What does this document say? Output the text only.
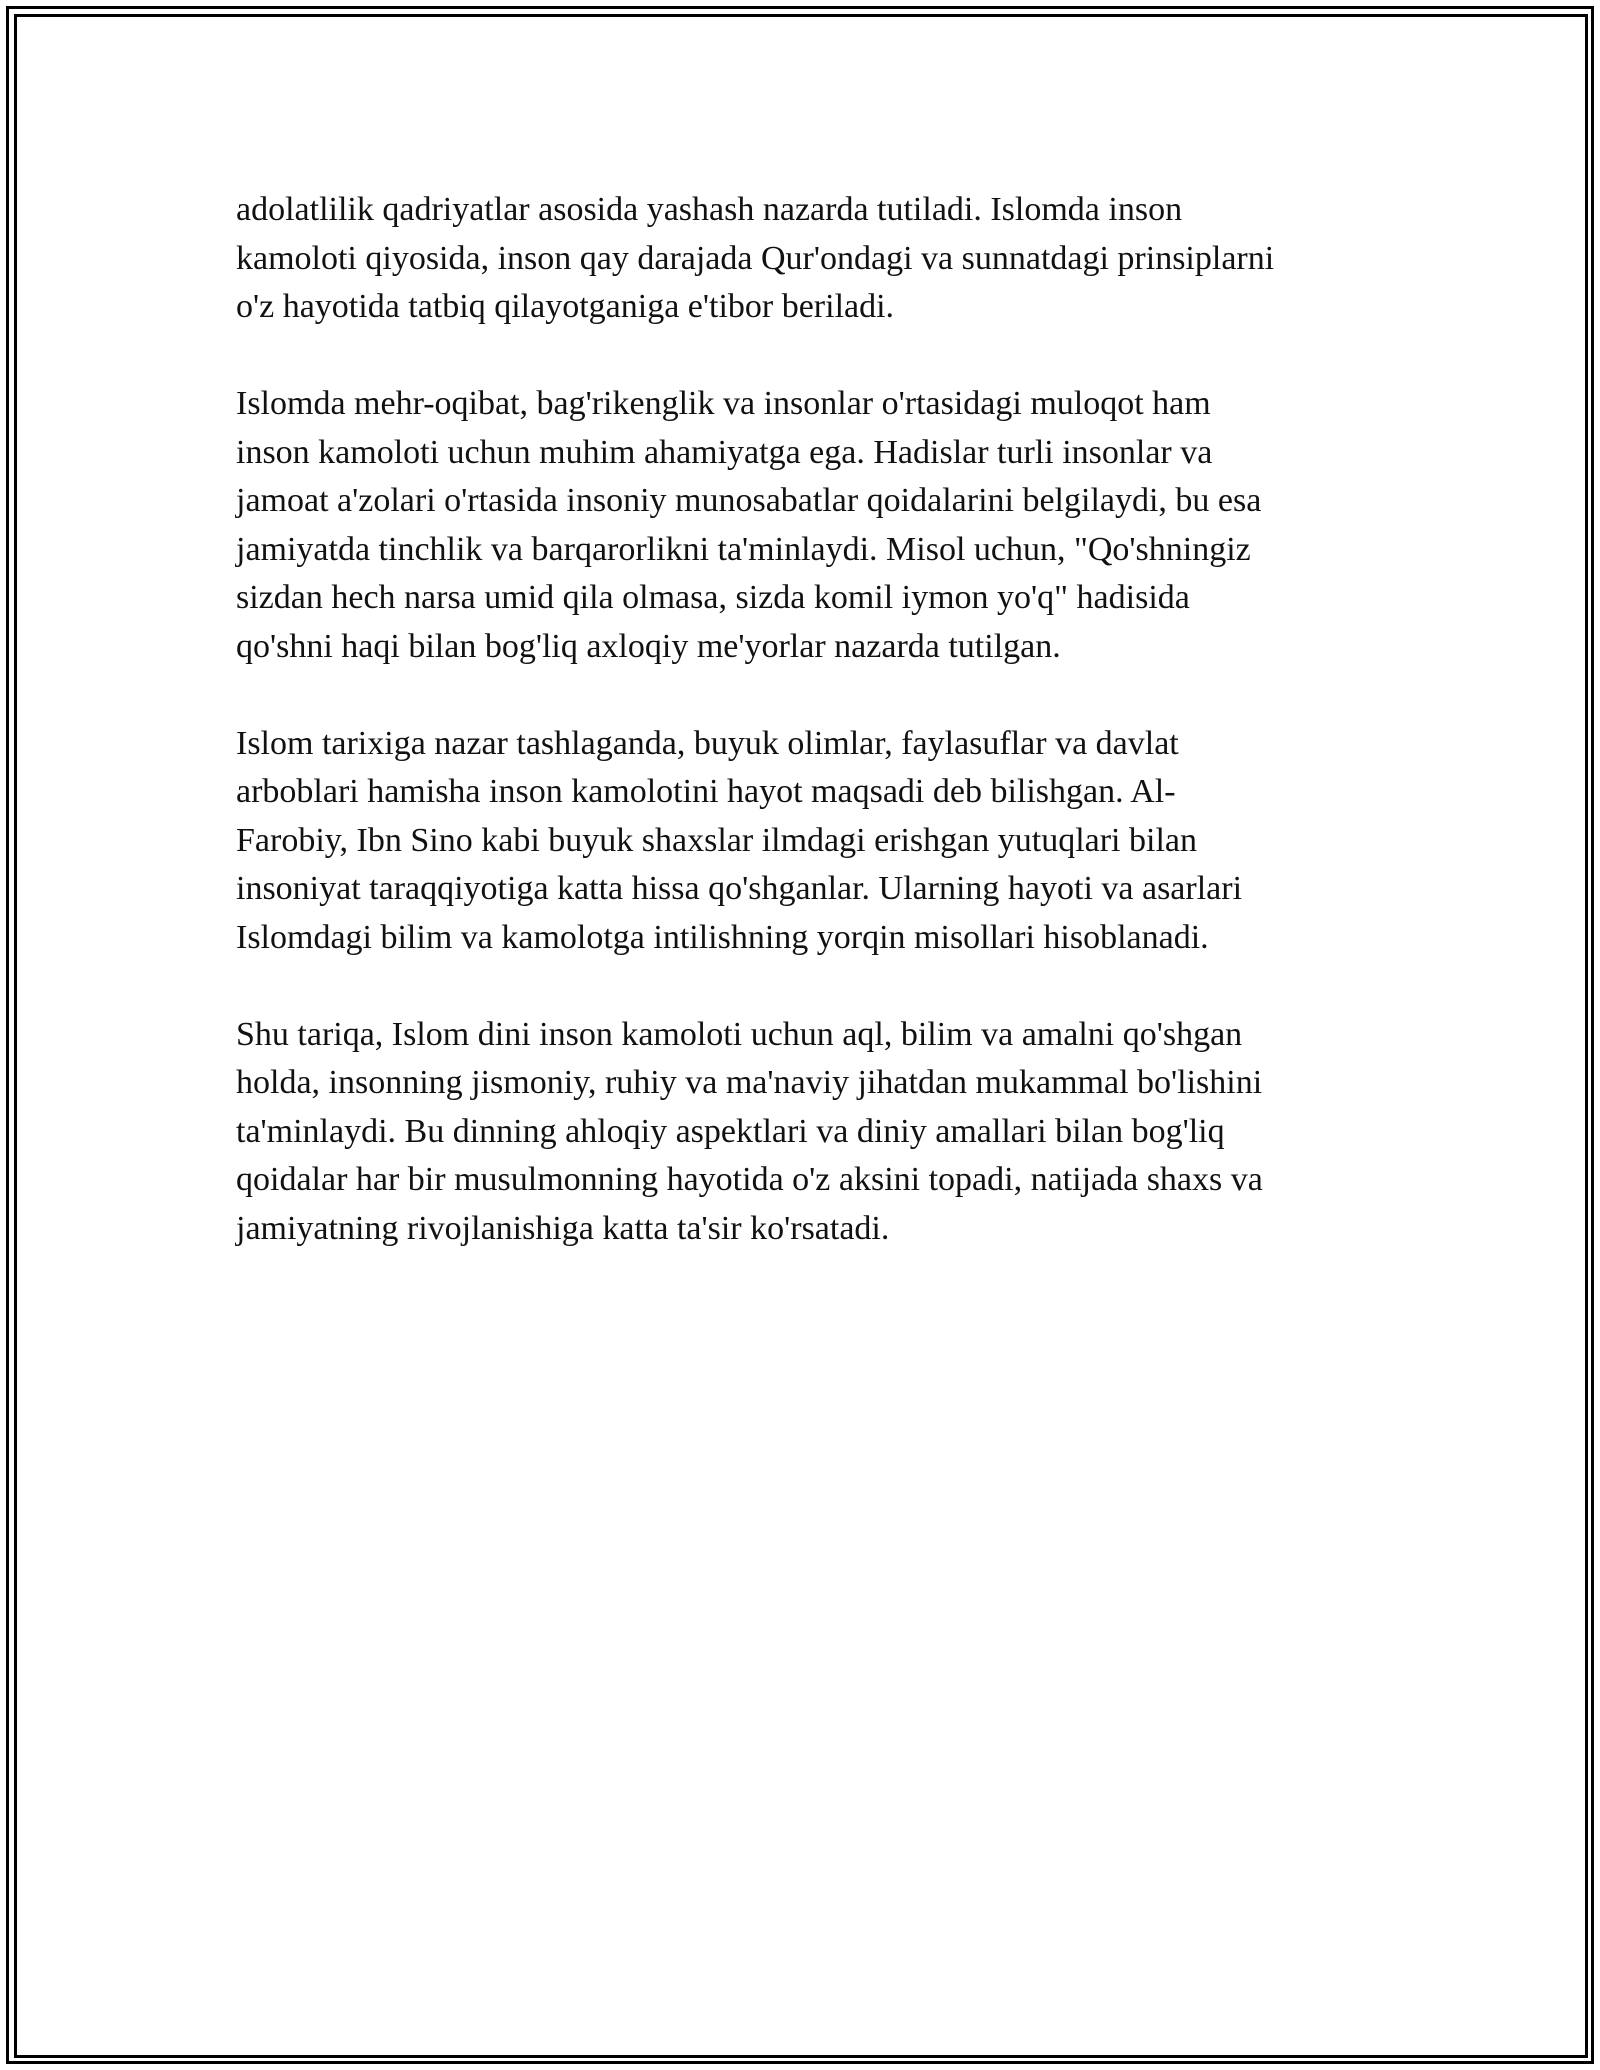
adolatlilik qadriyatlar asosida yashash nazarda tutiladi. Islomda inson
kamoloti qiyosida, inson qay darajada Qur'ondagi va sunnatdagi prinsiplarni
o'z hayotida tatbiq qilayotganiga e'tibor beriladi.
Islomda mehr-oqibat, bag'rikenglik va insonlar o'rtasidagi muloqot ham
inson kamoloti uchun muhim ahamiyatga ega. Hadislar turli insonlar va
jamoat a'zolari o'rtasida insoniy munosabatlar qoidalarini belgilaydi, bu esa
jamiyatda tinchlik va barqarorlikni ta'minlaydi. Misol uchun, "Qo'shningiz
sizdan hech narsa umid qila olmasa, sizda komil iymon yo'q" hadisida
qo'shni haqi bilan bog'liq axloqiy me'yorlar nazarda tutilgan.
Islom tarixiga nazar tashlaganda, buyuk olimlar, faylasuflar va davlat
arboblari hamisha inson kamolotini hayot maqsadi deb bilishgan. Al-
Farobiy, Ibn Sino kabi buyuk shaxslar ilmdagi erishgan yutuqlari bilan
insoniyat taraqqiyotiga katta hissa qo'shganlar. Ularning hayoti va asarlari
Islomdagi bilim va kamolotga intilishning yorqin misollari hisoblanadi.
Shu tariqa, Islom dini inson kamoloti uchun aql, bilim va amalni qo'shgan
holda, insonning jismoniy, ruhiy va ma'naviy jihatdan mukammal bo'lishini
ta'minlaydi. Bu dinning ahloqiy aspektlari va diniy amallari bilan bog'liq
qoidalar har bir musulmonning hayotida o'z aksini topadi, natijada shaxs va
jamiyatning rivojlanishiga katta ta'sir ko'rsatadi.
